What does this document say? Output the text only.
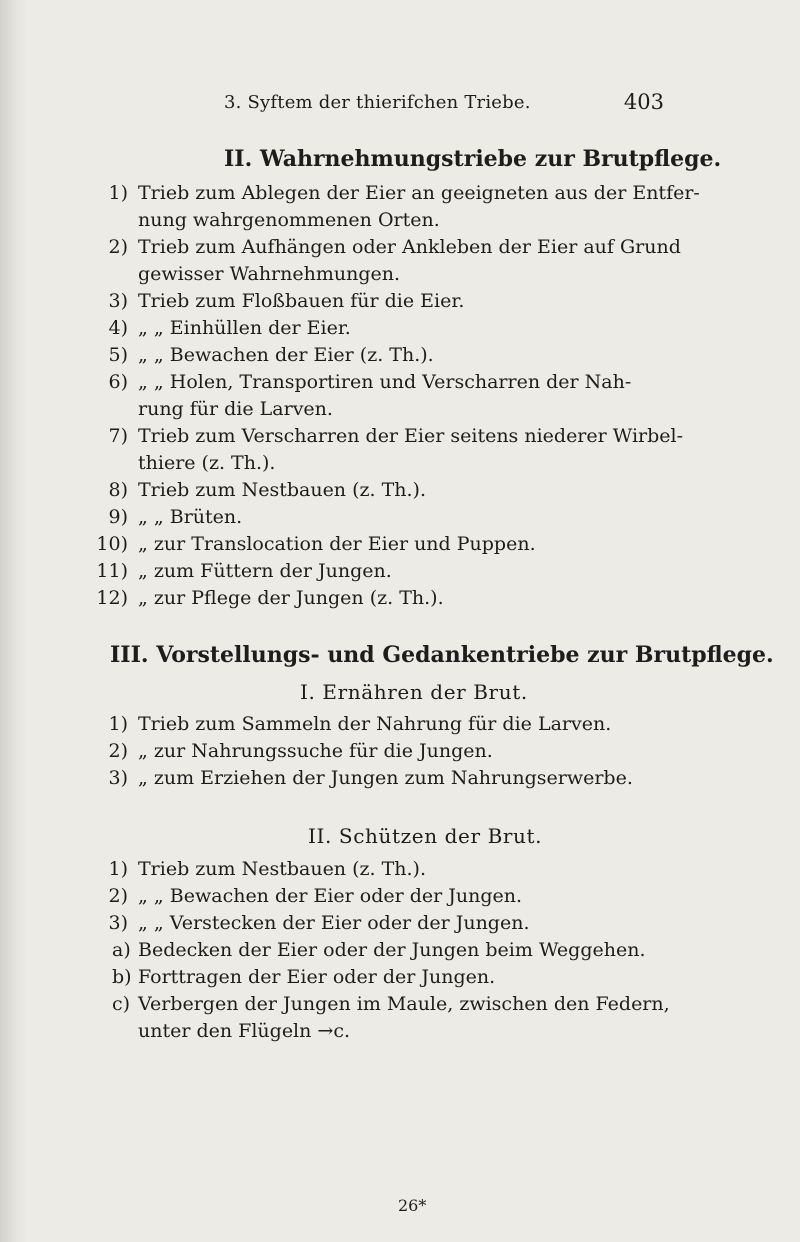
3. Syftem der thierifchen Triebe.	403
II. Wahrnehmungstriebe zur Brutpflege.
1) Trieb zum Ablegen der Eier an geeigneten aus der Entfer-
nung wahrgenommenen Orten.
2) Trieb zum Aufhängen oder Ankleben der Eier auf Grund
gewisser Wahrnehmungen.
3) Trieb zum Floßbauen für die Eier.
4) „ „ Einhüllen der Eier.
5) „ „ Bewachen der Eier (z. Th.).
6) „ „ Holen, Transportiren und Verscharren der Nah-
rung für die Larven.
7) Trieb zum Verscharren der Eier seitens niederer Wirbel-
thiere (z. Th.).
8) Trieb zum Nestbauen (z. Th.).
9) „ „ Brüten.
10) „ zur Translocation der Eier und Puppen.
11) „ zum Füttern der Jungen.
12) „ zur Pflege der Jungen (z. Th.).
III. Vorstellungs- und Gedankentriebe zur Brutpflege.
I. Ernähren der Brut.
1) Trieb zum Sammeln der Nahrung für die Larven.
2) „ zur Nahrungssuche für die Jungen.
3) „ zum Erziehen der Jungen zum Nahrungserwerbe.
II. Schützen der Brut.
1) Trieb zum Nestbauen (z. Th.).
2) „ „ Bewachen der Eier oder der Jungen.
3) „ „ Verstecken der Eier oder der Jungen.
a) Bedecken der Eier oder der Jungen beim Weggehen.
b) Forttragen der Eier oder der Jungen.
c) Verbergen der Jungen im Maule, zwischen den Federn,
unter den Flügeln →c.
26*
